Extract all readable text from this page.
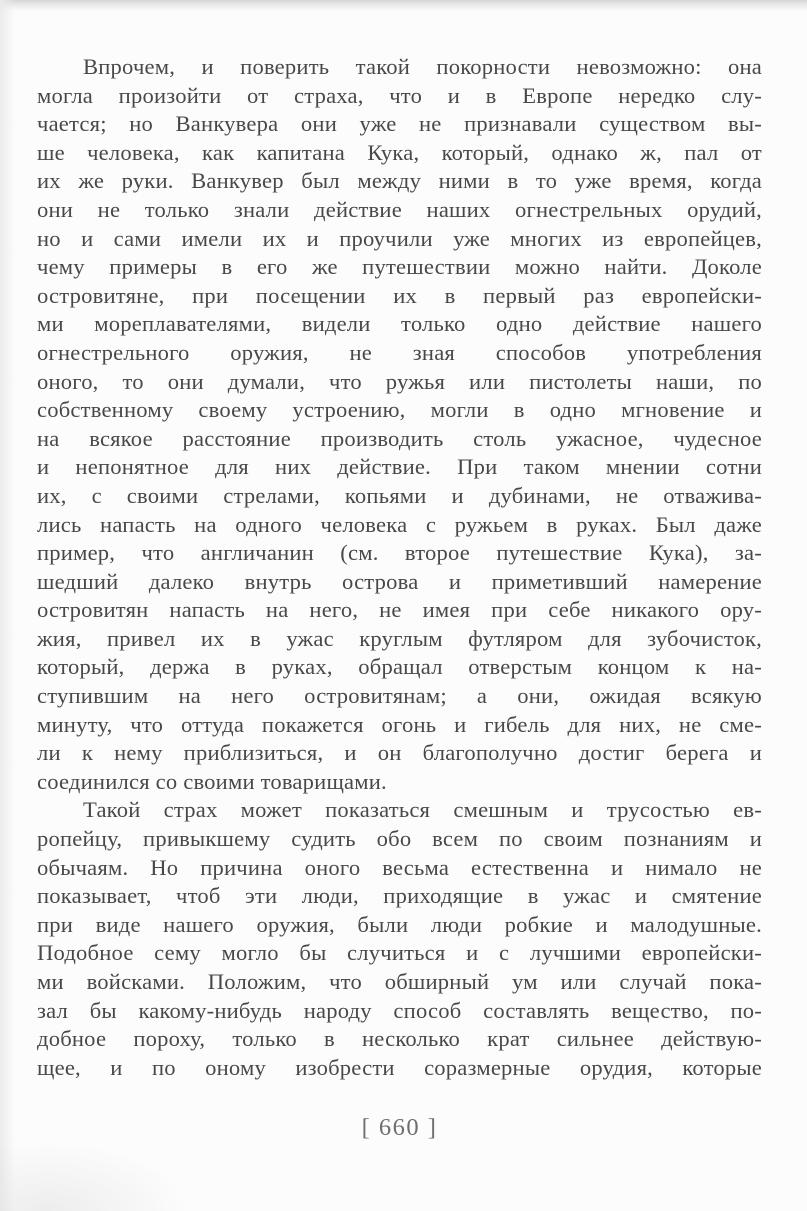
Впрочем, и поверить такой покорности невозможно: она
могла произойти от страха, что и в Европе нередко слу-
чается; но Ванкувера они уже не признавали существом вы-
ше человека, как капитана Кука, который, однако ж, пал от
их же руки. Ванкувер был между ними в то уже время, когда
они не только знали действие наших огнестрельных орудий,
но и сами имели их и проучили уже многих из европейцев,
чему примеры в его же путешествии можно найти. Доколе
островитяне, при посещении их в первый раз европейски-
ми мореплавателями, видели только одно действие нашего
огнестрельного оружия, не зная способов употребления
оного, то они думали, что ружья или пистолеты наши, по
собственному своему устроению, могли в одно мгновение и
на всякое расстояние производить столь ужасное, чудесное
и непонятное для них действие. При таком мнении сотни
их, с своими стрелами, копьями и дубинами, не отважива-
лись напасть на одного человека с ружьем в руках. Был даже
пример, что англичанин (см. второе путешествие Кука), за-
шедший далеко внутрь острова и приметивший намерение
островитян напасть на него, не имея при себе никакого ору-
жия, привел их в ужас круглым футляром для зубочисток,
который, держа в руках, обращал отверстым концом к на-
ступившим на него островитянам; а они, ожидая всякую
минуту, что оттуда покажется огонь и гибель для них, не сме-
ли к нему приблизиться, и он благополучно достиг берега и
соединился со своими товарищами.
Такой страх может показаться смешным и трусостью ев-
ропейцу, привыкшему судить обо всем по своим познаниям и
обычаям. Но причина оного весьма естественна и нимало не
показывает, чтоб эти люди, приходящие в ужас и смятение
при виде нашего оружия, были люди робкие и малодушные.
Подобное сему могло бы случиться и с лучшими европейски-
ми войсками. Положим, что обширный ум или случай пока-
зал бы какому-нибудь народу способ составлять вещество, по-
добное пороху, только в несколько крат сильнее действую-
щее, и по оному изобрести соразмерные орудия, которые
[ 660 ]
